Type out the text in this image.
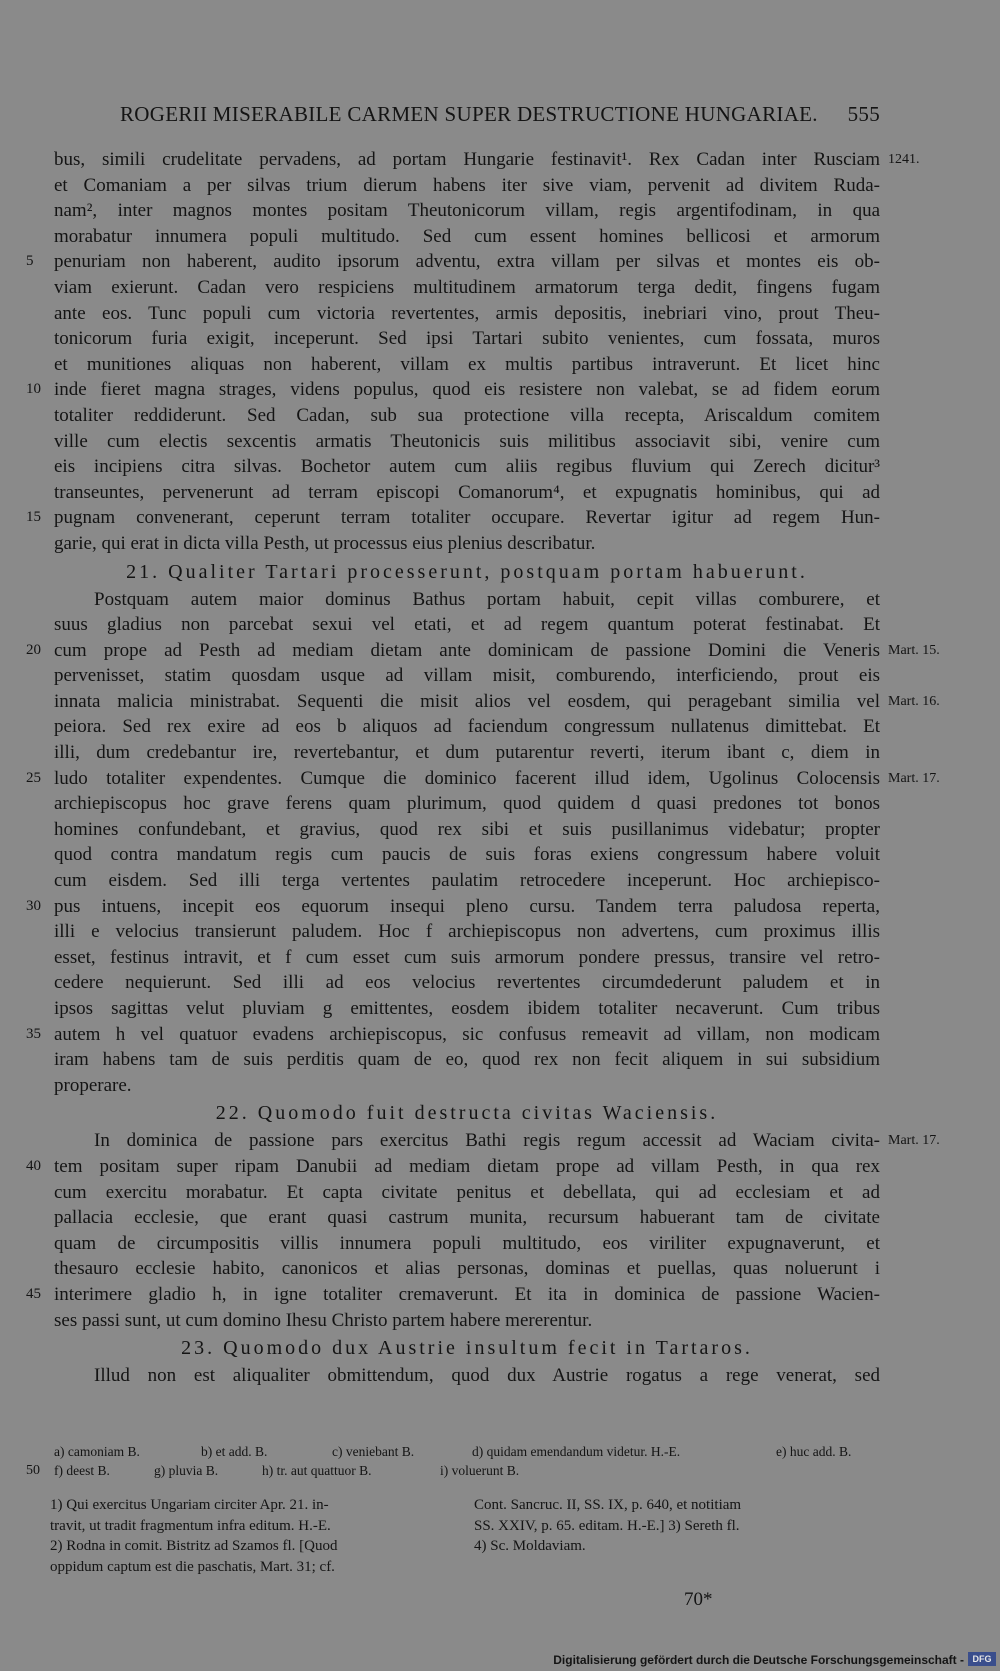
ROGERII MISERABILE CARMEN SUPER DESTRUCTIONE HUNGARIAE. 555
bus, simili crudelitate pervadens, ad portam Hungarie festinavit¹. Rex Cadan inter Rusciam 1241.
et Comaniam a per silvas trium dierum habens iter sive viam, pervenit ad divitem Ruda-
nam², inter magnos montes positam Theutonicorum villam, regis argentifodinam, in qua
morabatur innumera populi multitudo. Sed cum essent homines bellicosi et armorum
5	penuriam non haberent, audito ipsorum adventu, extra villam per silvas et montes eis ob-
viam exierunt. Cadan vero respiciens multitudinem armatorum terga dedit, fingens fugam
ante eos. Tunc populi cum victoria revertentes, armis depositis, inebriari vino, prout Theu-
tonicorum furia exigit, inceperunt. Sed ipsi Tartari subito venientes, cum fossata, muros
et munitiones aliquas non haberent, villam ex multis partibus intraverunt. Et licet hinc
10 inde fieret magna strages, videns populus, quod eis resistere non valebat, se ad fidem eorum
totaliter reddiderunt. Sed Cadan, sub sua protectione villa recepta, Ariscaldum comitem
ville cum electis sexcentis armatis Theutonicis suis militibus associavit sibi, venire cum
eis incipiens citra silvas. Bochetor autem cum aliis regibus fluvium qui Zerech dicitur³
transeuntes, pervenerunt ad terram episcopi Comanorum⁴, et expugnatis hominibus, qui ad
15 pugnam convenerant, ceperunt terram totaliter occupare. Revertar igitur ad regem Hun-
garie, qui erat in dicta villa Pesth, ut processus eius plenius describatur.
21. Qualiter Tartari processerunt, postquam portam habuerunt.
Postquam autem maior dominus Bathus portam habuit, cepit villas comburere, et
suus gladius non parcebat sexui vel etati, et ad regem quantum poterat festinabat. Et
20 cum prope ad Pesth ad mediam dietam ante dominicam de passione Domini die Veneris Mart. 15.
pervenisset, statim quosdam usque ad villam misit, comburendo, interficiendo, prout eis
innata malicia ministrabat. Sequenti die misit alios vel eosdem, qui peragebant similia vel Mart. 16.
peiora. Sed rex exire ad eos b aliquos ad faciendum congressum nullatenus dimittebat. Et
illi, dum credebantur ire, revertebantur, et dum putarentur reverti, iterum ibant c, diem in
25 ludo totaliter expendentes. Cumque die dominico facerent illud idem, Ugolinus Colocensis Mart. 17.
archiepiscopus hoc grave ferens quam plurimum, quod quidem d quasi predones tot bonos
homines confundebant, et gravius, quod rex sibi et suis pusillanimus videbatur; propter
quod contra mandatum regis cum paucis de suis foras exiens congressum habere voluit
cum eisdem. Sed illi terga vertentes paulatim retrocedere inceperunt. Hoc archiepisco-
30 pus intuens, incepit eos equorum insequi pleno cursu. Tandem terra paludosa reperta,
illi e velocius transierunt paludem. Hoc f archiepiscopus non advertens, cum proximus illis
esset, festinus intravit, et f cum esset cum suis armorum pondere pressus, transire vel retro-
cedere nequierunt. Sed illi ad eos velocius revertentes circumdederunt paludem et in
ipsos sagittas velut pluviam g emittentes, eosdem ibidem totaliter necaverunt. Cum tribus
35 autem h vel quatuor evadens archiepiscopus, sic confusus remeavit ad villam, non modicam
iram habens tam de suis perditis quam de eo, quod rex non fecit aliquem in sui subsidium
properare.
22. Quomodo fuit destructa civitas Waciensis.
In dominica de passione pars exercitus Bathi regis regum accessit ad Waciam civita- Mart. 17.
40 tem positam super ripam Danubii ad mediam dietam prope ad villam Pesth, in qua rex
cum exercitu morabatur. Et capta civitate penitus et debellata, qui ad ecclesiam et ad
pallacia ecclesie, que erant quasi castrum munita, recursum habuerant tam de civitate
quam de circumpositis villis innumera populi multitudo, eos viriliter expugnaverunt, et
thesauro ecclesie habito, canonicos et alias personas, dominas et puellas, quas noluerunt i
45 interimere gladio h, in igne totaliter cremaverunt. Et ita in dominica de passione Wacien-
ses passi sunt, ut cum domino Ihesu Christo partem habere mererentur.
23. Quomodo dux Austrie insultum fecit in Tartaros.
Illud non est aliqualiter obmittendum, quod dux Austrie rogatus a rege venerat, sed
a) camoniam B.	b) et add. B.	c) veniebant B.	d) quidam emendandum videtur. H.-E.	e) huc add. B.
50 f) deest B.	g) pluvia B.	h) tr. aut quattuor B.	i) voluerunt B.
1) Qui exercitus Ungariam circiter Apr. 21. in-
travit, ut tradit fragmentum infra editum. H.-E.
2) Rodna in comit. Bistritz ad Szamos fl. [Quod
oppidum captum est die paschatis, Mart. 31; cf.
Cont. Sancruc. II, SS. IX, p. 640, et notitiam
SS. XXIV, p. 65. editam. H.-E.] 3) Sereth fl.
4) Sc. Moldaviam.
70*
Digitalisierung gefördert durch die Deutsche Forschungsgemeinschaft - DFG
